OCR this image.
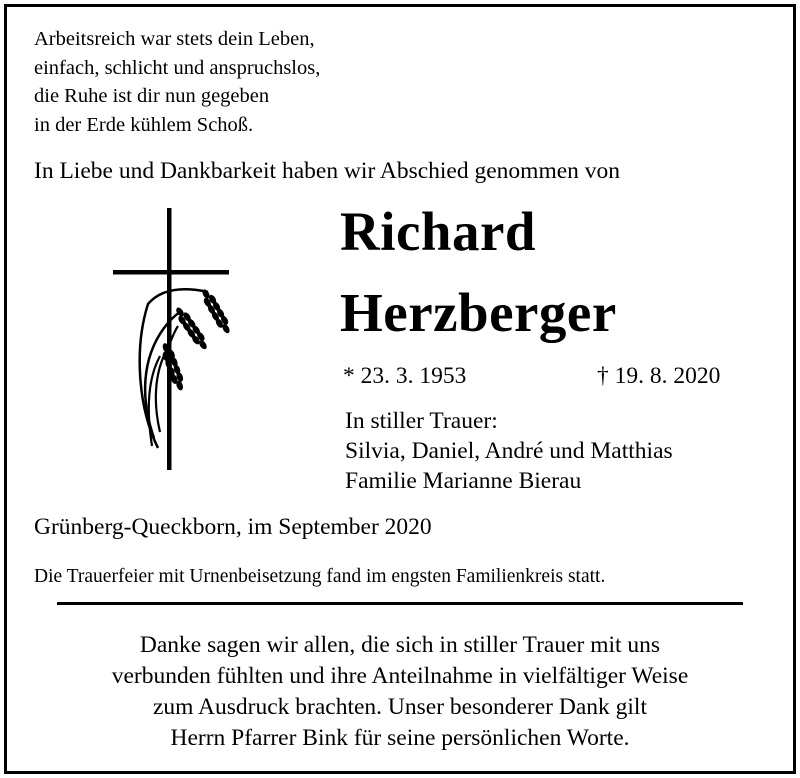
Arbeitsreich war stets dein Leben,
einfach, schlicht und anspruchslos,
die Ruhe ist dir nun gegeben
in der Erde kühlem Schoß.
In Liebe und Dankbarkeit haben wir Abschied genommen von
Richard
Herzberger
* 23. 3. 1953	† 19. 8. 2020
In stiller Trauer:
Silvia, Daniel, André und Matthias
Familie Marianne Bierau
Grünberg-Queckborn, im September 2020
Die Trauerfeier mit Urnenbeisetzung fand im engsten Familienkreis statt.
Danke sagen wir allen, die sich in stiller Trauer mit uns
verbunden fühlten und ihre Anteilnahme in vielfältiger Weise
zum Ausdruck brachten. Unser besonderer Dank gilt
Herrn Pfarrer Bink für seine persönlichen Worte.
